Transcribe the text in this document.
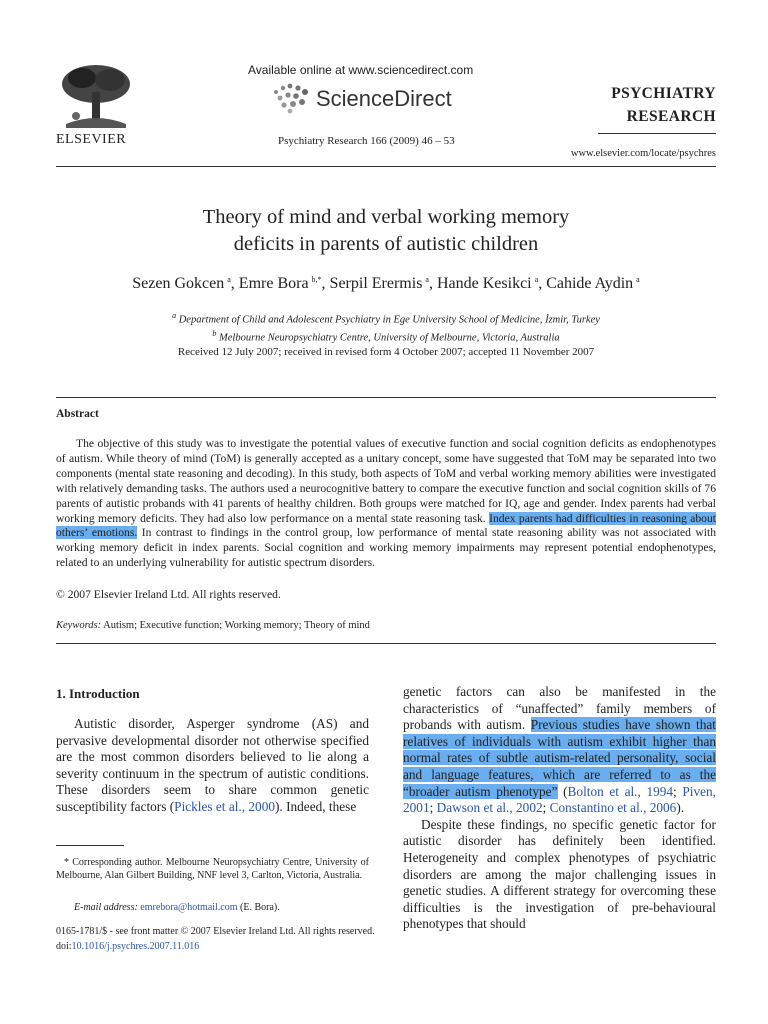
ELSEVIER
Available online at www.sciencedirect.com
ScienceDirect
Psychiatry Research 166 (2009) 46 – 53
PSYCHIATRY
RESEARCH
www.elsevier.com/locate/psychres
Theory of mind and verbal working memory
deficits in parents of autistic children
Sezen Gokcen $^a$, Emre Bora $^{b,*}$, Serpil Erermis $^a$, Hande Kesikci $^a$, Cahide Aydin $^a$
$^a$ Department of Child and Adolescent Psychiatry in Ege University School of Medicine, İzmir, Turkey
$^b$ Melbourne Neuropsychiatry Centre, University of Melbourne, Victoria, Australia
Received 12 July 2007; received in revised form 4 October 2007; accepted 11 November 2007
Abstract
The objective of this study was to investigate the potential values of executive function and social cognition deficits as endophenotypes of autism. While theory of mind (ToM) is generally accepted as a unitary concept, some have suggested that ToM may be separated into two components (mental state reasoning and decoding). In this study, both aspects of ToM and verbal working memory abilities were investigated with relatively demanding tasks. The authors used a neurocognitive battery to compare the executive function and social cognition skills of 76 parents of autistic probands with 41 parents of healthy children. Both groups were matched for IQ, age and gender. Index parents had verbal working memory deficits. They had also low performance on a mental state reasoning task. Index parents had difficulties in reasoning about others’ emotions. In contrast to findings in the control group, low performance of mental state reasoning ability was not associated with working memory deficit in index parents. Social cognition and working memory impairments may represent potential endophenotypes, related to an underlying vulnerability for autistic spectrum disorders.
© 2007 Elsevier Ireland Ltd. All rights reserved.
Keywords: Autism; Executive function; Working memory; Theory of mind
1. Introduction

Autistic disorder, Asperger syndrome (AS) and pervasive developmental disorder not otherwise specified are the most common disorders believed to lie along a severity continuum in the spectrum of autistic conditions. These disorders seem to share common genetic susceptibility factors (Pickles et al., 2000). Indeed, these

* Corresponding author. Melbourne Neuropsychiatry Centre, University of Melbourne, Alan Gilbert Building, NNF level 3, Carlton, Victoria, Australia.
E-mail address: emrebora@hotmail.com (E. Bora).

genetic factors can also be manifested in the characteristics of “unaffected” family members of probands with autism. Previous studies have shown that relatives of individuals with autism exhibit higher than normal rates of subtle autism-related personality, social and language features, which are referred to as the “broader autism phenotype” (Bolton et al., 1994; Piven, 2001; Dawson et al., 2002; Constantino et al., 2006).

Despite these findings, no specific genetic factor for autistic disorder has definitely been identified. Heterogeneity and complex phenotypes of psychiatric disorders are among the major challenging issues in genetic studies. A different strategy for overcoming these difficulties is the investigation of pre-behavioural phenotypes that should

0165-1781/$ - see front matter © 2007 Elsevier Ireland Ltd. All rights reserved.
doi:10.1016/j.psychres.2007.11.016
